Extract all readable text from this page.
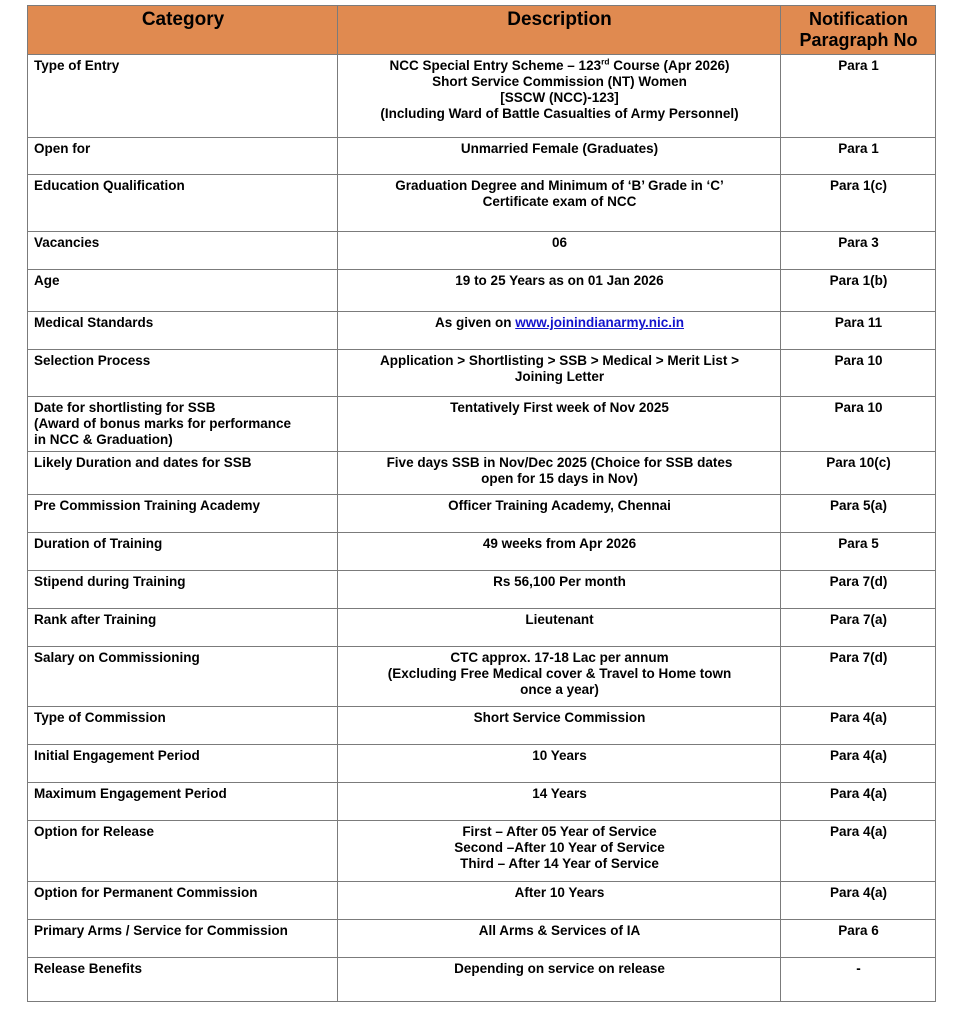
Category	Description	Notification
Paragraph No

Type of Entry	NCC Special Entry Scheme – 123rd Course (Apr 2026)
Short Service Commission (NT) Women
[SSCW (NCC)-123]
(Including Ward of Battle Casualties of Army Personnel)	Para 1

Open for	Unmarried Female (Graduates)	Para 1

Education Qualification	Graduation Degree and Minimum of ‘B’ Grade in ‘C’
Certificate exam of NCC	Para 1(c)

Vacancies	06	Para 3

Age	19 to 25 Years as on 01 Jan 2026	Para 1(b)

Medical Standards	As given on www.joinindianarmy.nic.in	Para 11

Selection Process	Application > Shortlisting > SSB > Medical > Merit List >
Joining Letter	Para 10

Date for shortlisting for SSB
(Award of bonus marks for performance
in NCC & Graduation)	Tentatively First week of Nov 2025	Para 10

Likely Duration and dates for SSB	Five days SSB in Nov/Dec 2025 (Choice for SSB dates
open for 15 days in Nov)	Para 10(c)

Pre Commission Training Academy	Officer Training Academy, Chennai	Para 5(a)

Duration of Training	49 weeks from Apr 2026	Para 5

Stipend during Training	Rs 56,100 Per month	Para 7(d)

Rank after Training	Lieutenant	Para 7(a)

Salary on Commissioning	CTC approx. 17-18 Lac per annum
(Excluding Free Medical cover & Travel to Home town
once a year)	Para 7(d)

Type of Commission	Short Service Commission	Para 4(a)

Initial Engagement Period	10 Years	Para 4(a)

Maximum Engagement Period	14 Years	Para 4(a)

Option for Release	First – After 05 Year of Service
Second –After 10 Year of Service
Third – After 14 Year of Service	Para 4(a)

Option for Permanent Commission	After 10 Years	Para 4(a)

Primary Arms / Service for Commission	All Arms & Services of IA	Para 6

Release Benefits	Depending on service on release	-
